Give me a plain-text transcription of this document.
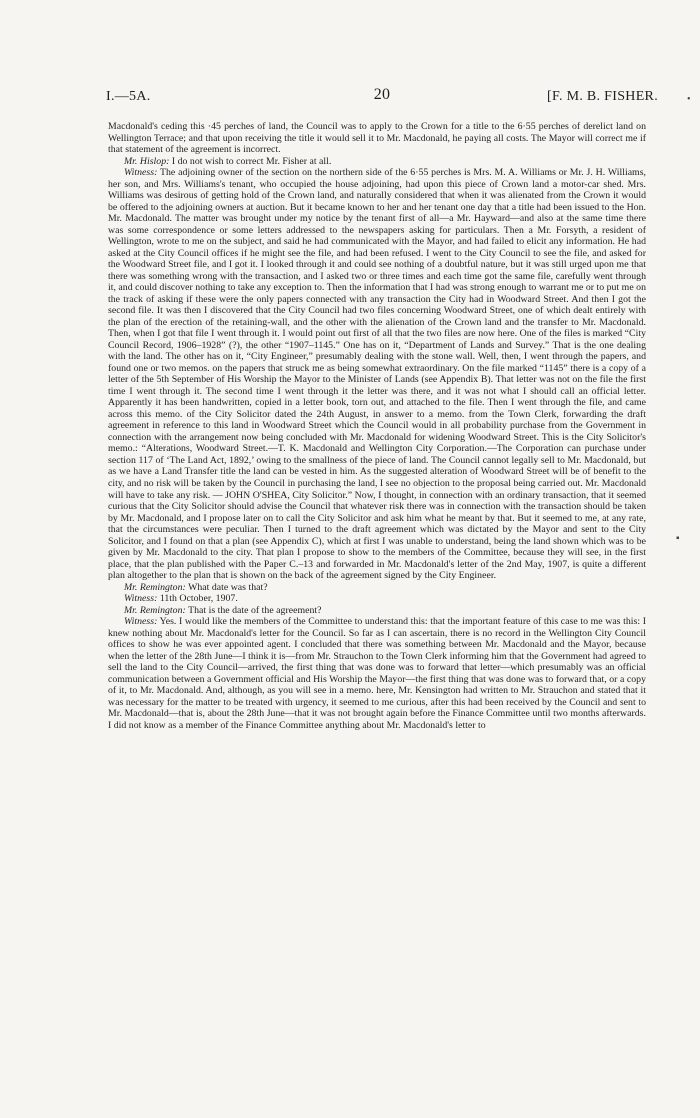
I.—5A.	20	[F. M. B. FISHER.	•
▪

Macdonald's ceding this ·45 perches of land, the Council was to apply to the Crown for a title to the 6·55 perches of derelict land on Wellington Terrace; and that upon receiving the title it would sell it to Mr. Macdonald, he paying all costs. The Mayor will correct me if that statement of the agreement is incorrect.

Mr. Hislop: I do not wish to correct Mr. Fisher at all.

Witness: The adjoining owner of the section on the northern side of the 6·55 perches is Mrs. M. A. Williams or Mr. J. H. Williams, her son, and Mrs. Williams's tenant, who occupied the house adjoining, had upon this piece of Crown land a motor-car shed. Mrs. Williams was desirous of getting hold of the Crown land, and naturally considered that when it was alienated from the Crown it would be offered to the adjoining owners at auction. But it became known to her and her tenant one day that a title had been issued to the Hon. Mr. Macdonald. The matter was brought under my notice by the tenant first of all—a Mr. Hayward—and also at the same time there was some correspondence or some letters addressed to the newspapers asking for particulars. Then a Mr. Forsyth, a resident of Wellington, wrote to me on the subject, and said he had communicated with the Mayor, and had failed to elicit any information. He had asked at the City Council offices if he might see the file, and had been refused. I went to the City Council to see the file, and asked for the Woodward Street file, and I got it. I looked through it and could see nothing of a doubtful nature, but it was still urged upon me that there was something wrong with the transaction, and I asked two or three times and each time got the same file, carefully went through it, and could discover nothing to take any exception to. Then the information that I had was strong enough to warrant me or to put me on the track of asking if these were the only papers connected with any transaction the City had in Woodward Street. And then I got the second file. It was then I discovered that the City Council had two files concerning Woodward Street, one of which dealt entirely with the plan of the erection of the retaining-wall, and the other with the alienation of the Crown land and the transfer to Mr. Macdonald. Then, when I got that file I went through it. I would point out first of all that the two files are now here. One of the files is marked “City Council Record, 1906–1928” (?), the other “1907–1145.” One has on it, “Department of Lands and Survey.” That is the one dealing with the land. The other has on it, “City Engineer,” presumably dealing with the stone wall. Well, then, I went through the papers, and found one or two memos. on the papers that struck me as being somewhat extraordinary. On the file marked “1145” there is a copy of a letter of the 5th September of His Worship the Mayor to the Minister of Lands (see Appendix B). That letter was not on the file the first time I went through it. The second time I went through it the letter was there, and it was not what I should call an official letter. Apparently it has been handwritten, copied in a letter book, torn out, and attached to the file. Then I went through the file, and came across this memo. of the City Solicitor dated the 24th August, in answer to a memo. from the Town Clerk, forwarding the draft agreement in reference to this land in Woodward Street which the Council would in all probability purchase from the Government in connection with the arrangement now being concluded with Mr. Macdonald for widening Woodward Street. This is the City Solicitor's memo.: “Alterations, Woodward Street.—T. K. Macdonald and Wellington City Corporation.—The Corporation can purchase under section 117 of ‘The Land Act, 1892,’ owing to the smallness of the piece of land. The Council cannot legally sell to Mr. Macdonald, but as we have a Land Transfer title the land can be vested in him. As the suggested alteration of Woodward Street will be of benefit to the city, and no risk will be taken by the Council in purchasing the land, I see no objection to the proposal being carried out. Mr. Macdonald will have to take any risk. — JOHN O'SHEA, City Solicitor.” Now, I thought, in connection with an ordinary transaction, that it seemed curious that the City Solicitor should advise the Council that whatever risk there was in connection with the transaction should be taken by Mr. Macdonald, and I propose later on to call the City Solicitor and ask him what he meant by that. But it seemed to me, at any rate, that the circumstances were peculiar. Then I turned to the draft agreement which was dictated by the Mayor and sent to the City Solicitor, and I found on that a plan (see Appendix C), which at first I was unable to understand, being the land shown which was to be given by Mr. Macdonald to the city. That plan I propose to show to the members of the Committee, because they will see, in the first place, that the plan published with the Paper C.–13 and forwarded in Mr. Macdonald's letter of the 2nd May, 1907, is quite a different plan altogether to the plan that is shown on the back of the agreement signed by the City Engineer.

Mr. Remington: What date was that?

Witness: 11th October, 1907.

Mr. Remington: That is the date of the agreement?

Witness: Yes. I would like the members of the Committee to understand this: that the important feature of this case to me was this: I knew nothing about Mr. Macdonald's letter for the Council. So far as I can ascertain, there is no record in the Wellington City Council offices to show he was ever appointed agent. I concluded that there was something between Mr. Macdonald and the Mayor, because when the letter of the 28th June—I think it is—from Mr. Strauchon to the Town Clerk informing him that the Government had agreed to sell the land to the City Council—arrived, the first thing that was done was to forward that letter—which presumably was an official communication between a Government official and His Worship the Mayor—the first thing that was done was to forward that, or a copy of it, to Mr. Macdonald. And, although, as you will see in a memo. here, Mr. Kensington had written to Mr. Strauchon and stated that it was necessary for the matter to be treated with urgency, it seemed to me curious, after this had been received by the Council and sent to Mr. Macdonald—that is, about the 28th June—that it was not brought again before the Finance Committee until two months afterwards. I did not know as a member of the Finance Committee anything about Mr. Macdonald's letter to
